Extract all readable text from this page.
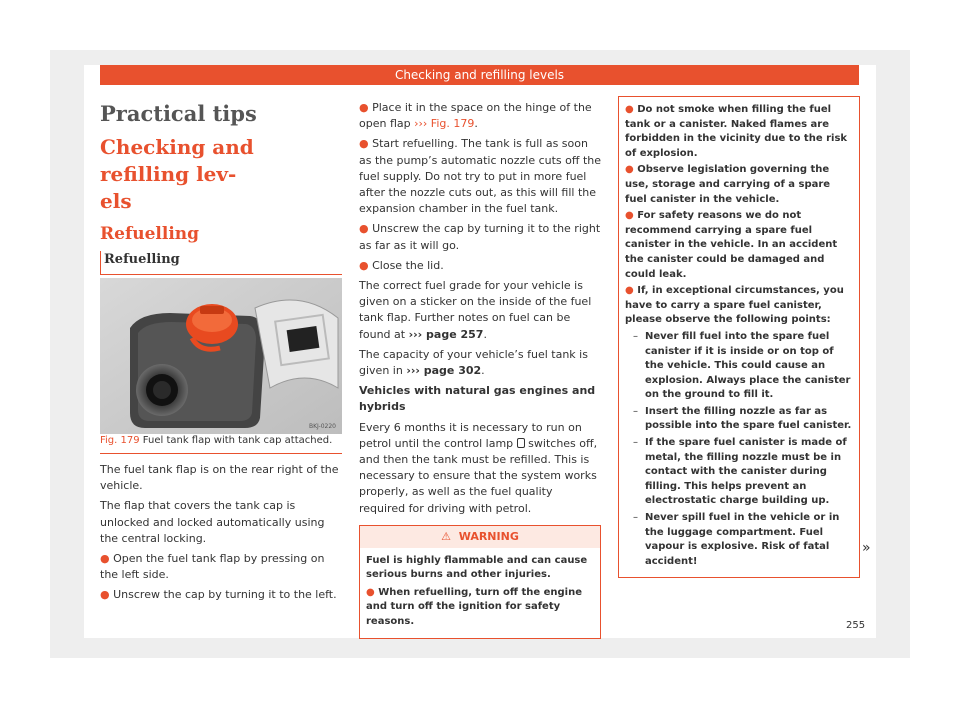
Checking and refilling levels
Practical tips
Checking and refilling lev-
els
Refuelling
Refuelling
BKJ-0220
Fig. 179 Fuel tank flap with tank cap attached.

The fuel tank flap is on the rear right of the vehicle.

The flap that covers the tank cap is unlocked and locked automatically using the central locking.

● Open the fuel tank flap by pressing on the left side.

● Unscrew the cap by turning it to the left.

● Place it in the space on the hinge of the open flap ››› Fig. 179.

● Start refuelling. The tank is full as soon as the pump’s automatic nozzle cuts off the fuel supply. Do not try to put in more fuel after the nozzle cuts out, as this will fill the expansion chamber in the fuel tank.

● Unscrew the cap by turning it to the right as far as it will go.

● Close the lid.

The correct fuel grade for your vehicle is given on a sticker on the inside of the fuel tank flap. Further notes on fuel can be found at ››› page 257.

The capacity of your vehicle’s fuel tank is given in ››› page 302.

Vehicles with natural gas engines and hybrids

Every 6 months it is necessary to run on petrol until the control lamp switches off, and then the tank must be refilled. This is necessary to ensure that the system works properly, as well as the fuel quality required for driving with petrol.

⚠ WARNING

Fuel is highly flammable and can cause serious burns and other injuries.

● When refuelling, turn off the engine and turn off the ignition for safety reasons.

● Do not smoke when filling the fuel tank or a canister. Naked flames are forbidden in the vicinity due to the risk of explosion.

● Observe legislation governing the use, storage and carrying of a spare fuel canister in the vehicle.

● For safety reasons we do not recommend carrying a spare fuel canister in the vehicle. In an accident the canister could be damaged and could leak.

● If, in exceptional circumstances, you have to carry a spare fuel canister, please observe the following points:

– Never fill fuel into the spare fuel canister if it is inside or on top of the vehicle. This could cause an explosion. Always place the canister on the ground to fill it.
– Insert the filling nozzle as far as possible into the spare fuel canister.
– If the spare fuel canister is made of metal, the filling nozzle must be in contact with the canister during filling. This helps prevent an electrostatic charge building up.
– Never spill fuel in the vehicle or in the luggage compartment. Fuel vapour is explosive. Risk of fatal accident!
»
255
